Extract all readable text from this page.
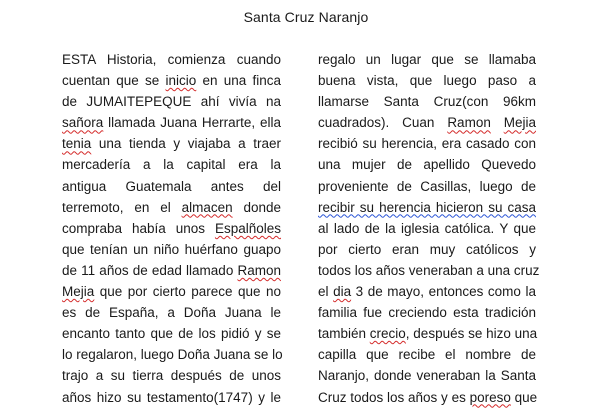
Santa Cruz Naranjo
ESTA Historia, comienza cuando
cuentan que se inicio en una finca
de JUMAITEPEQUE ahí vivía na
sañora llamada Juana Herrarte, ella
tenia una tienda y viajaba a traer
mercadería a la capital era la
antigua Guatemala antes del
terremoto, en el almacen donde
compraba había unos Espalñoles
que tenían un niño huérfano guapo
de 11 años de edad llamado Ramon
Mejia que por cierto parece que no
es de España, a Doña Juana le
encanto tanto que de los pidió y se
lo regalaron, luego Doña Juana se lo
trajo a su tierra después de unos
años hizo su testamento(1747) y le
regalo un lugar que se llamaba
buena vista, que luego paso a
llamarse Santa Cruz(con 96km
cuadrados). Cuan Ramon Mejia
recibió su herencia, era casado con
una mujer de apellido Quevedo
proveniente de Casillas, luego de
recibir su herencia hicieron su casa
al lado de la iglesia católica. Y que
por cierto eran muy católicos y
todos los años veneraban a una cruz
el dia 3 de mayo, entonces como la
familia fue creciendo esta tradición
también crecio, después se hizo una
capilla que recibe el nombre de
Naranjo, donde veneraban la Santa
Cruz todos los años y es poreso que
